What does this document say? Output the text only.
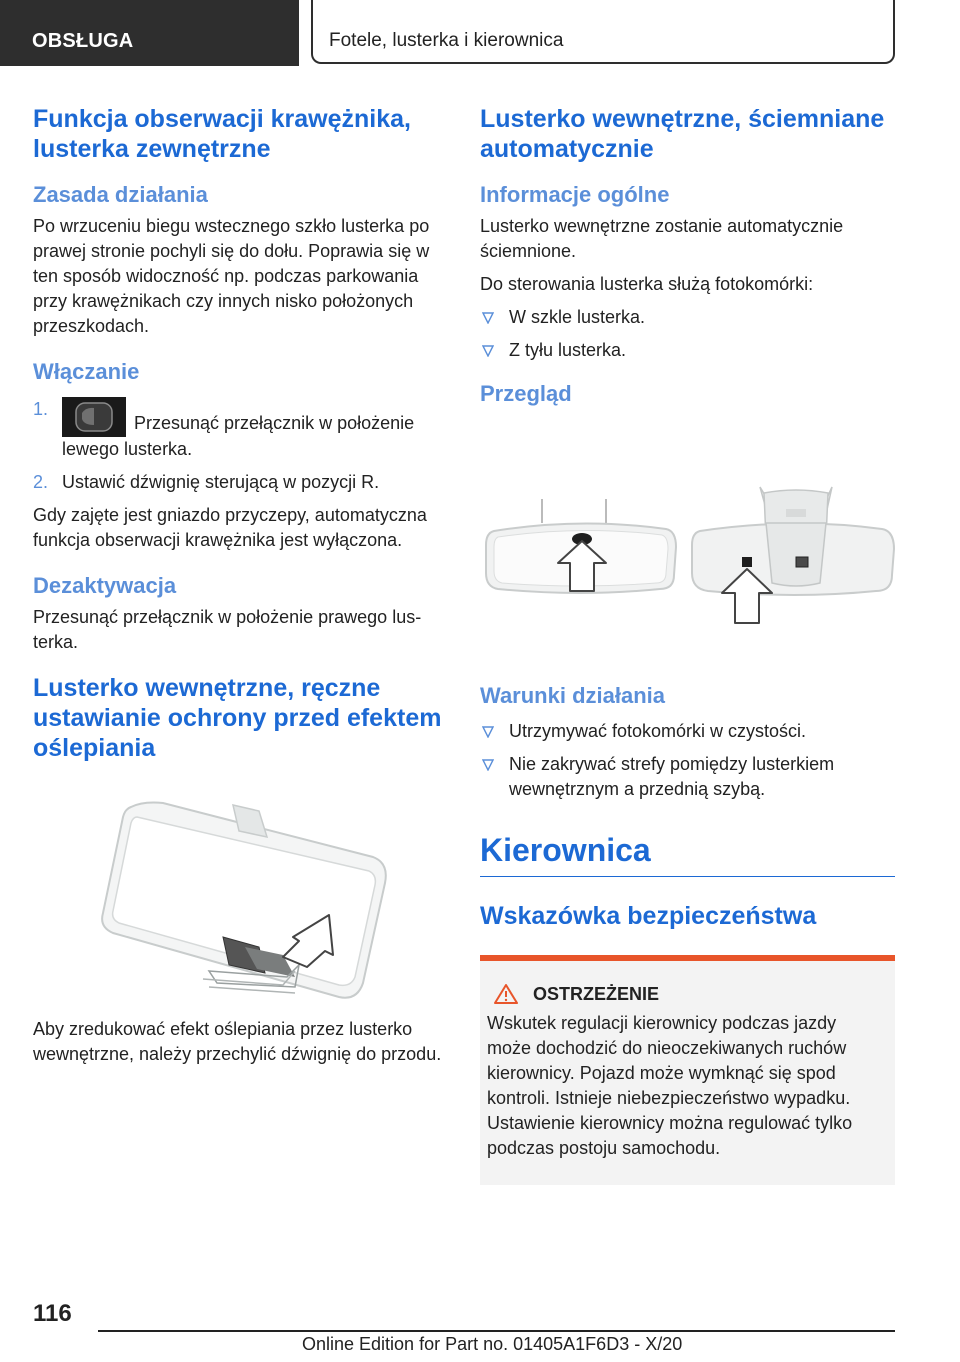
OBSŁUGA	Fotele, lusterka i kierownica
Funkcja obserwacji krawężnika, lusterka zewnętrzne
Zasada działania

Po wrzuceniu biegu wstecznego szkło lusterka po prawej stronie pochyli się do dołu. Poprawia się w ten sposób widoczność np. podczas parkowania przy krawężnikach czy innych nisko położonych przeszkodach.

Włączanie
1.
Przesunąć przełącznik w położenie lewego lusterka.
2. Ustawić dźwignię sterującą w pozycji R.

Gdy zajęte jest gniazdo przyczepy, automatyczna funkcja obserwacji krawężnika jest wyłączona.

Dezaktywacja

Przesunąć przełącznik w położenie prawego lusterka.

Lusterko wewnętrzne, ręczne ustawianie ochrony przed efektem oślepiania

Aby zredukować efekt oślepiania przez lusterko wewnętrzne, należy przechylić dźwignię do przodu.

Lusterko wewnętrzne, ściemniane automatycznie
Informacje ogólne

Lusterko wewnętrzne zostanie automatycznie ściemnione.

Do sterowania lusterka służą fotokomórki:

W szkle lusterka.
Z tyłu lusterka.
Przegląd
Warunki działania
Utrzymywać fotokomórki w czystości.
Nie zakrywać strefy pomiędzy lusterkiem wewnętrznym a przednią szybą.
Kierownica
Wskazówka bezpieczeństwa
OSTRZEŻENIE

Wskutek regulacji kierownicy podczas jazdy może dochodzić do nieoczekiwanych ruchów kierownicy. Pojazd może wymknąć się spod kontroli. Istnieje niebezpieczeństwo wypadku. Ustawienie kierownicy można regulować tylko podczas postoju samochodu.

116
Online Edition for Part no. 01405A1F6D3 - X/20
